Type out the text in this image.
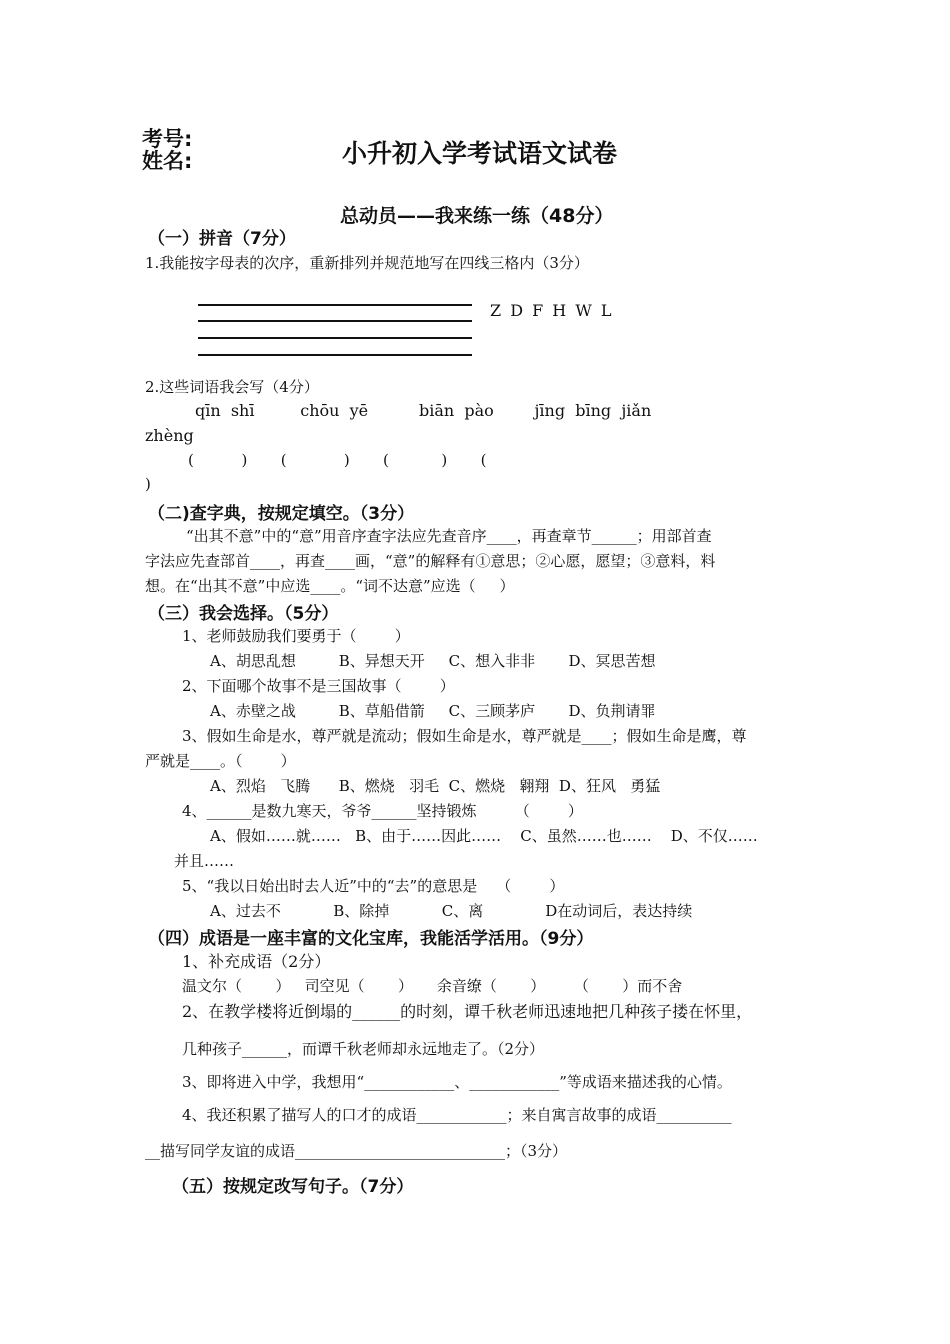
考号:
姓名:	小升初入学考试语文试卷
总动员——我来练一练（48分）
（一）拼音（7分）
1.我能按字母表的次序，重新排列并规范地写在四线三格内（3分）
Z D F H W L
2.这些词语我会写（4分）
qīn  shī         chōu  yē          biān  pào        jīng  bīng  jiǎn
zhèng
(          )       (            )       (           )       (
)
（二)查字典，按规定填空。（3分）
“出其不意”中的“意”用音序查字法应先查音序____，再查章节______；用部首查
字法应先查部首____，再查____画，“意”的解释有①意思；②心愿，愿望；③意料，料
想。在“出其不意”中应选____。“词不达意”应选（     ）
（三）我会选择。（5分）
1、老师鼓励我们要勇于（        ）
A、胡思乱想         B、异想天开     C、想入非非       D、冥思苦想
2、下面哪个故事不是三国故事（        ）
A、赤壁之战         B、草船借箭     C、三顾茅庐       D、负荆请罪
3、假如生命是水，尊严就是流动；假如生命是水，尊严就是____；假如生命是鹰，尊
严就是____。（        ）
A、烈焰   飞腾      B、燃烧   羽毛  C、燃烧   翱翔  D、狂风   勇猛
4、______是数九寒天，爷爷______坚持锻炼        （        ）
A、假如……就……   B、由于……因此……    C、虽然……也……    D、不仅……
并且……
5、“我以日始出时去人近”中的“去”的意思是    （        ）
A、过去不           B、除掉           C、离             D在动词后，表达持续
（四）成语是一座丰富的文化宝库，我能活学活用。（9分）
1、补充成语（2分）
温文尔（       ）   司空见（       ）     余音缭（       ）      （       ）而不舍
2、在教学楼将近倒塌的______的时刻，谭千秋老师迅速地把几种孩子搂在怀里，
几种孩子______，而谭千秋老师却永远地走了。（2分）
3、即将进入中学，我想用“____________、____________”等成语来描述我的心情。
4、我还积累了描写人的口才的成语____________；来自寓言故事的成语__________
__描写同学友谊的成语____________________________；（3分）
（五）按规定改写句子。（7分）
